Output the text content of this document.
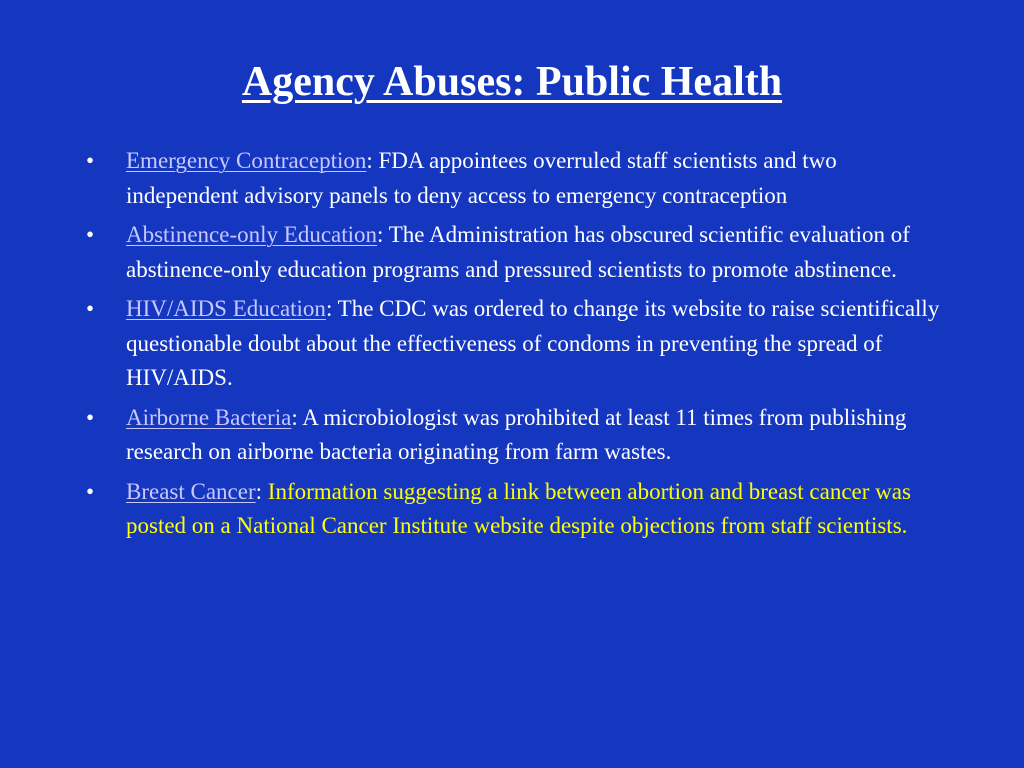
Agency Abuses: Public Health
•	Emergency Contraception: FDA appointees overruled staff scientists and two independent advisory panels to deny access to emergency contraception
•	Abstinence-only Education: The Administration has obscured scientific evaluation of abstinence-only education programs and pressured scientists to promote abstinence.
•	HIV/AIDS Education: The CDC was ordered to change its website to raise scientifically questionable doubt about the effectiveness of condoms in preventing the spread of HIV/AIDS.
•	Airborne Bacteria: A microbiologist was prohibited at least 11 times from publishing research on airborne bacteria originating from farm wastes.
•	Breast Cancer: Information suggesting a link between abortion and breast cancer was posted on a National Cancer Institute website despite objections from staff scientists.
